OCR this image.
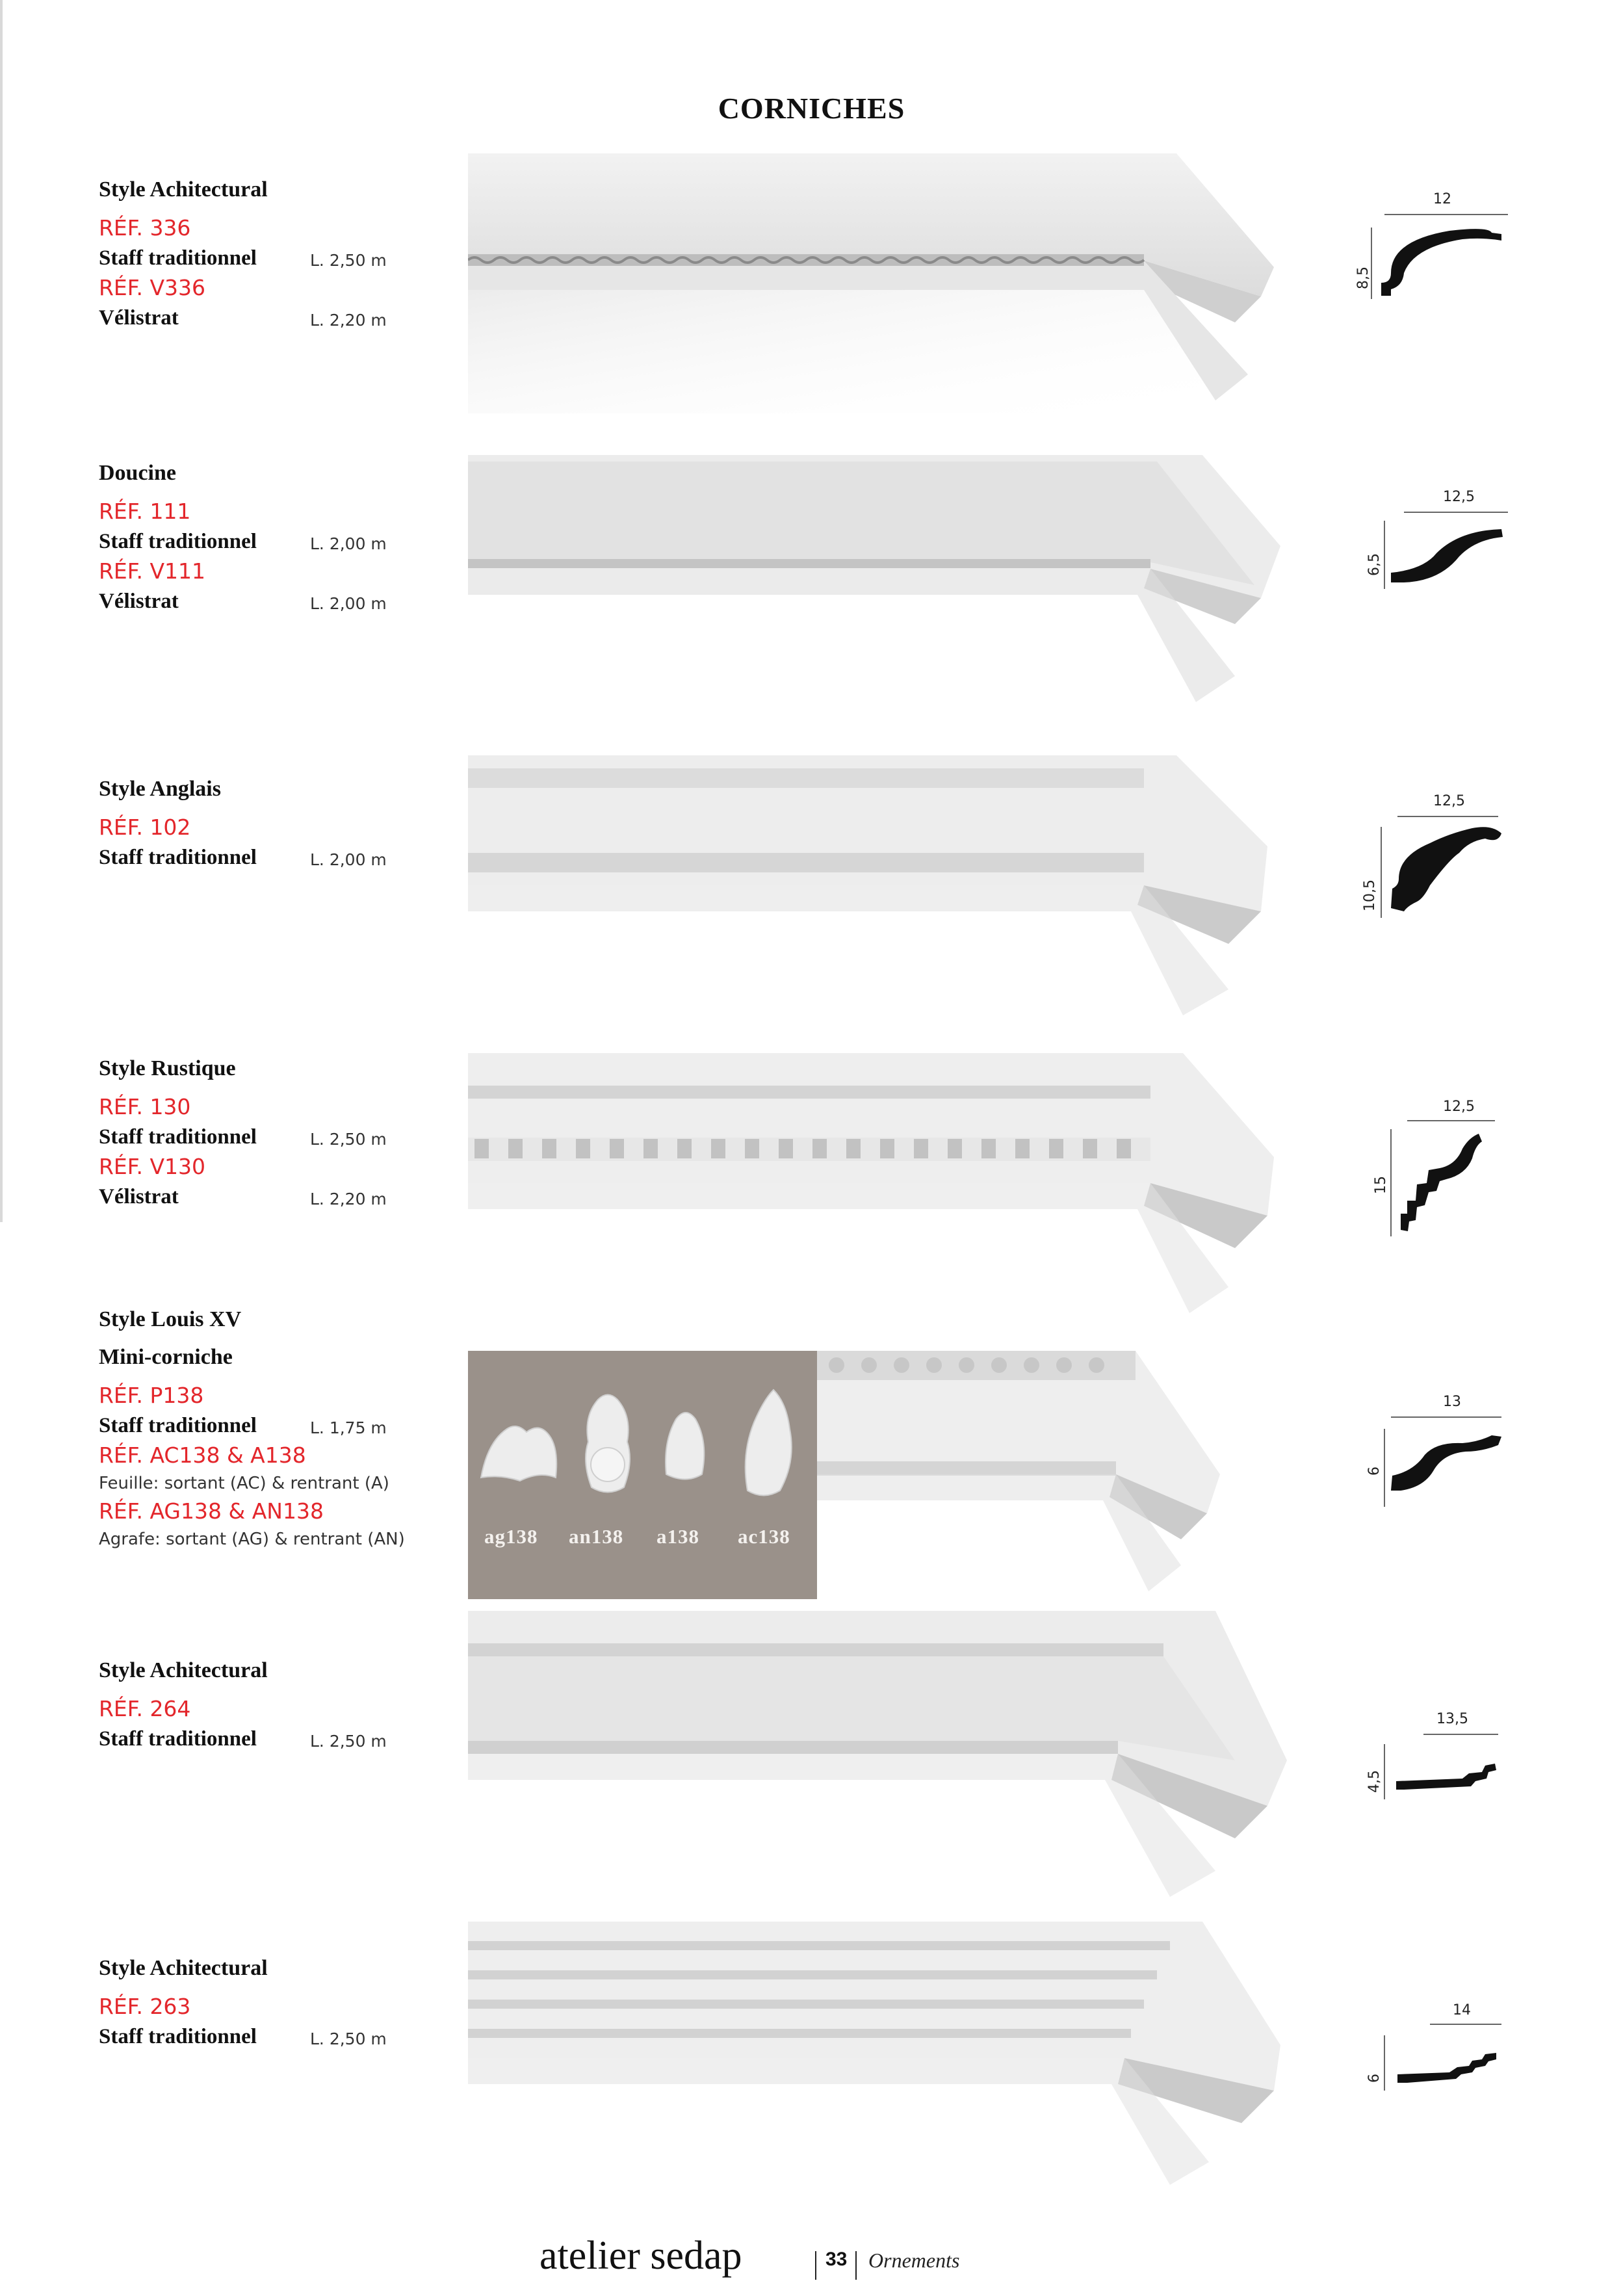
CORNICHES
Style Achitectural
RÉF. 336
Staff traditionnel	L. 2,50 m
RÉF. V336
Vélistrat	L. 2,20 m
12
8,5
Doucine
RÉF. 111
Staff traditionnel	L. 2,00 m
RÉF. V111
Vélistrat	L. 2,00 m
12,5
6,5
Style Anglais
RÉF. 102
Staff traditionnel	L. 2,00 m
12,5
10,5
Style Rustique
RÉF. 130
Staff traditionnel	L. 2,50 m
RÉF. V130
Vélistrat	L. 2,20 m
12,5
15
Style Louis XV
Mini-corniche
RÉF. P138
Staff traditionnel	L. 1,75 m
RÉF. AC138 & A138
Feuille: sortant (AC) & rentrant (A)
RÉF. AG138 & AN138
Agrafe: sortant (AG) & rentrant (AN)	ag138 an138 a138 ac138
13
6
Style Achitectural
RÉF. 264
Staff traditionnel	L. 2,50 m
13,5
4,5
Style Achitectural
RÉF. 263
Staff traditionnel	L. 2,50 m
14
6
atelier sedap	33 Ornements
